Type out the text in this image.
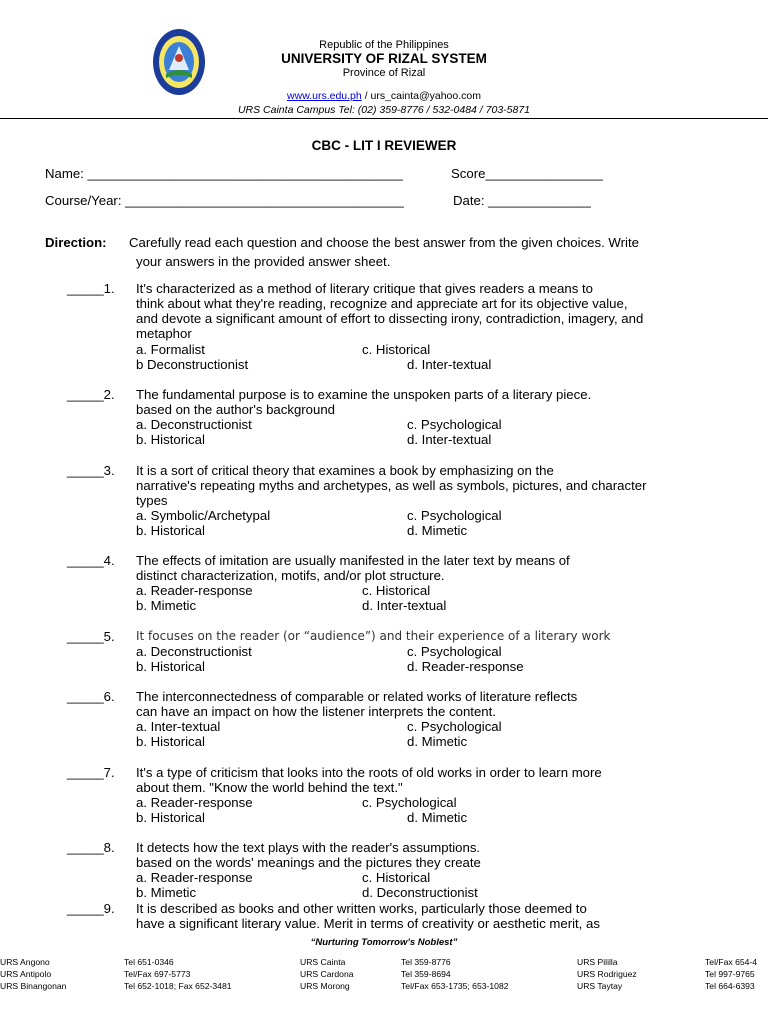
Republic of the Philippines
UNIVERSITY OF RIZAL SYSTEM
Province of Rizal
www.urs.edu.ph / urs_cainta@yahoo.com
URS Cainta Campus Tel: (02) 359-8776 / 532-0484 / 703-5871
CBC - LIT I REVIEWER
Name: ___________________________________________	Score________________
Course/Year: ______________________________________	Date: ______________
Direction: Carefully read each question and choose the best answer from the given choices. Write
your answers in the provided answer sheet.
_____1. It's characterized as a method of literary critique that gives readers a means to
think about what they're reading, recognize and appreciate art for its objective value,
and devote a significant amount of effort to dissecting irony, contradiction, imagery, and
metaphor
a. Formalist	c. Historical
b Deconstructionist	d. Inter-textual
_____2. The fundamental purpose is to examine the unspoken parts of a literary piece.
based on the author's background
a. Deconstructionist	c. Psychological
b. Historical	d. Inter-textual
_____3. It is a sort of critical theory that examines a book by emphasizing on the
narrative's repeating myths and archetypes, as well as symbols, pictures, and character
types
a. Symbolic/Archetypal	c. Psychological
b. Historical	d. Mimetic
_____4. The effects of imitation are usually manifested in the later text by means of
distinct characterization, motifs, and/or plot structure.
a. Reader-response	c. Historical
b. Mimetic	d. Inter-textual
_____5. It focuses on the reader (or “audience”) and their experience of a literary work
a. Deconstructionist	c. Psychological
b. Historical	d. Reader-response
_____6. The interconnectedness of comparable or related works of literature reflects
can have an impact on how the listener interprets the content.
a. Inter-textual	c. Psychological
b. Historical	d. Mimetic
_____7. It's a type of criticism that looks into the roots of old works in order to learn more
about them. "Know the world behind the text."
a. Reader-response	c. Psychological
b. Historical	d. Mimetic
_____8. It detects how the text plays with the reader's assumptions.
based on the words' meanings and the pictures they create
a. Reader-response	c. Historical
b. Mimetic	d. Deconstructionist
_____9. It is described as books and other written works, particularly those deemed to
have a significant literary value. Merit in terms of creativity or aesthetic merit, as
“Nurturing Tomorrow’s Noblest”
URS Angono	Tel 651-0346	URS Cainta	Tel 359-8776	URS Pililla	Tel/Fax 654-4
URS Antipolo	Tel/Fax 697-5773	URS Cardona	Tel 359-8694	URS Rodriguez	Tel 997-9765
URS Binangonan	Tel 652-1018; Fax 652-3481	URS Morong	Tel/Fax 653-1735; 653-1082	URS Taytay	Tel 664-6393
